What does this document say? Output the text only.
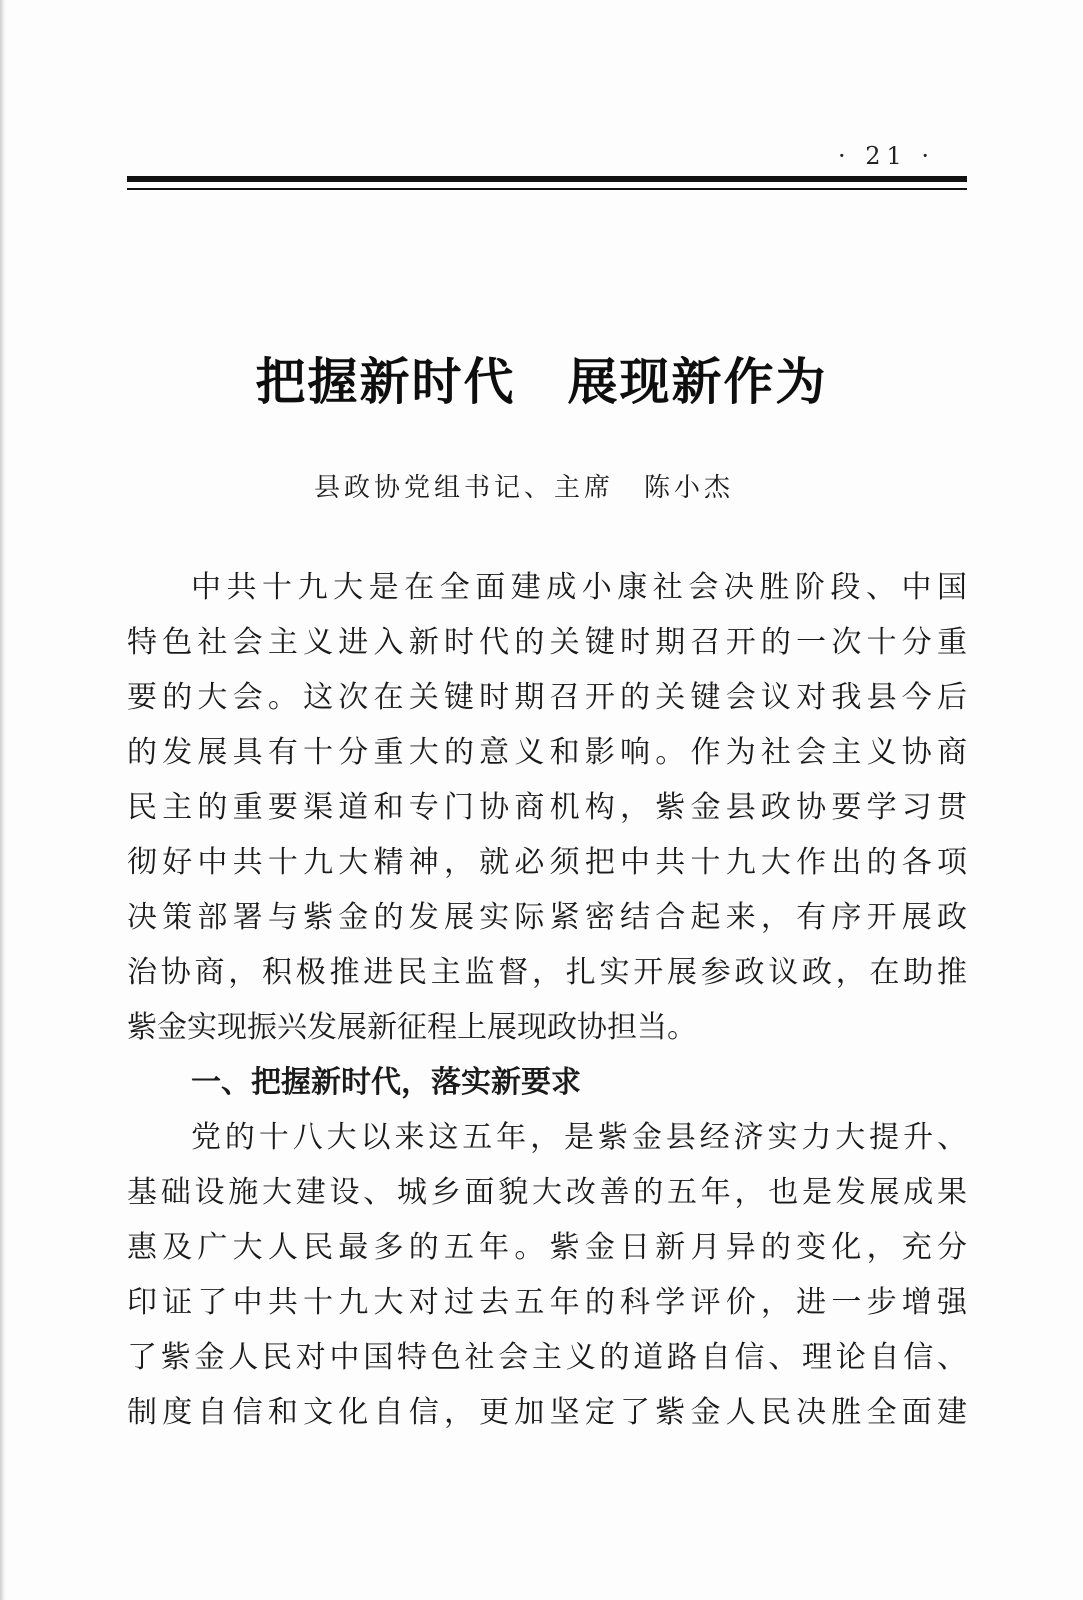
· 21 ·
把握新时代　展现新作为
县政协党组书记、主席　陈小杰
中共十九大是在全面建成小康社会决胜阶段、中国
特色社会主义进入新时代的关键时期召开的一次十分重
要的大会。这次在关键时期召开的关键会议对我县今后
的发展具有十分重大的意义和影响。作为社会主义协商
民主的重要渠道和专门协商机构，紫金县政协要学习贯
彻好中共十九大精神，就必须把中共十九大作出的各项
决策部署与紫金的发展实际紧密结合起来，有序开展政
治协商，积极推进民主监督，扎实开展参政议政，在助推
紫金实现振兴发展新征程上展现政协担当。
一、把握新时代，落实新要求
党的十八大以来这五年，是紫金县经济实力大提升、
基础设施大建设、城乡面貌大改善的五年，也是发展成果
惠及广大人民最多的五年。紫金日新月异的变化，充分
印证了中共十九大对过去五年的科学评价，进一步增强
了紫金人民对中国特色社会主义的道路自信、理论自信、
制度自信和文化自信，更加坚定了紫金人民决胜全面建
